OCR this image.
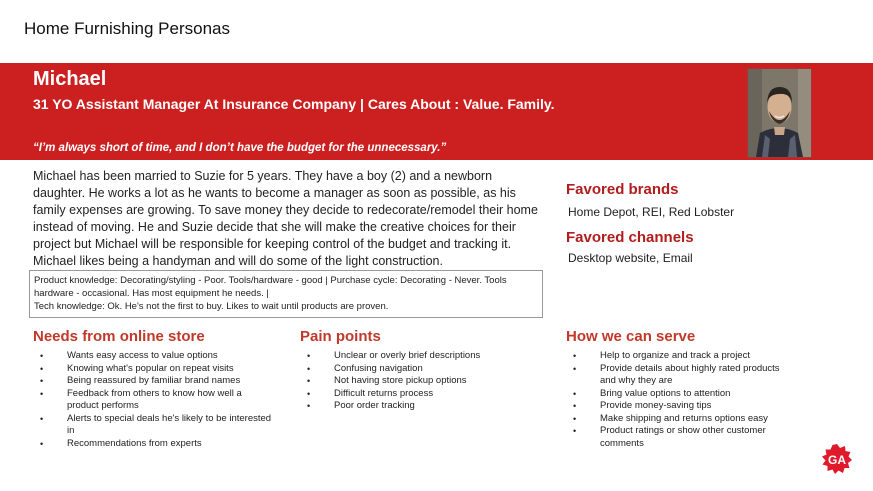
Home Furnishing Personas
Michael
31 YO Assistant Manager At Insurance Company | Cares About : Value. Family.
“I’m always short of time, and I don’t have the budget for the unnecessary.”
Michael has been married to Suzie for 5 years. They have a boy (2) and a newborn daughter. He works a lot as he wants to become a manager as soon as possible, as his family expenses are growing. To save money they decide to redecorate/remodel their home instead of moving. He and Suzie decide that she will make the creative choices for their project but Michael will be responsible for keeping control of the budget and tracking it. Michael likes being a handyman and will do some of the light construction.
Product knowledge: Decorating/styling - Poor. Tools/hardware - good | Purchase cycle: Decorating - Never. Tools hardware - occasional. Has most equipment he needs. |
Tech knowledge: Ok. He's not the first to buy. Likes to wait until products are proven.
Favored brands
Home Depot, REI, Red Lobster
Favored channels
Desktop website, Email
Needs from online store
• Wants easy access to value options
• Knowing what's popular on repeat visits
• Being reassured by familiar brand names
• Feedback from others to know how well a product performs
• Alerts to special deals he's likely to be interested in
• Recommendations from experts
Pain points
• Unclear or overly brief descriptions
• Confusing navigation
• Not having store pickup options
• Difficult returns process
• Poor order tracking
How we can serve
• Help to organize and track a project
• Provide details about highly rated products and why they are
• Bring value options to attention
• Provide money-saving tips
• Make shipping and returns options easy
• Product ratings or show other customer comments
GA
